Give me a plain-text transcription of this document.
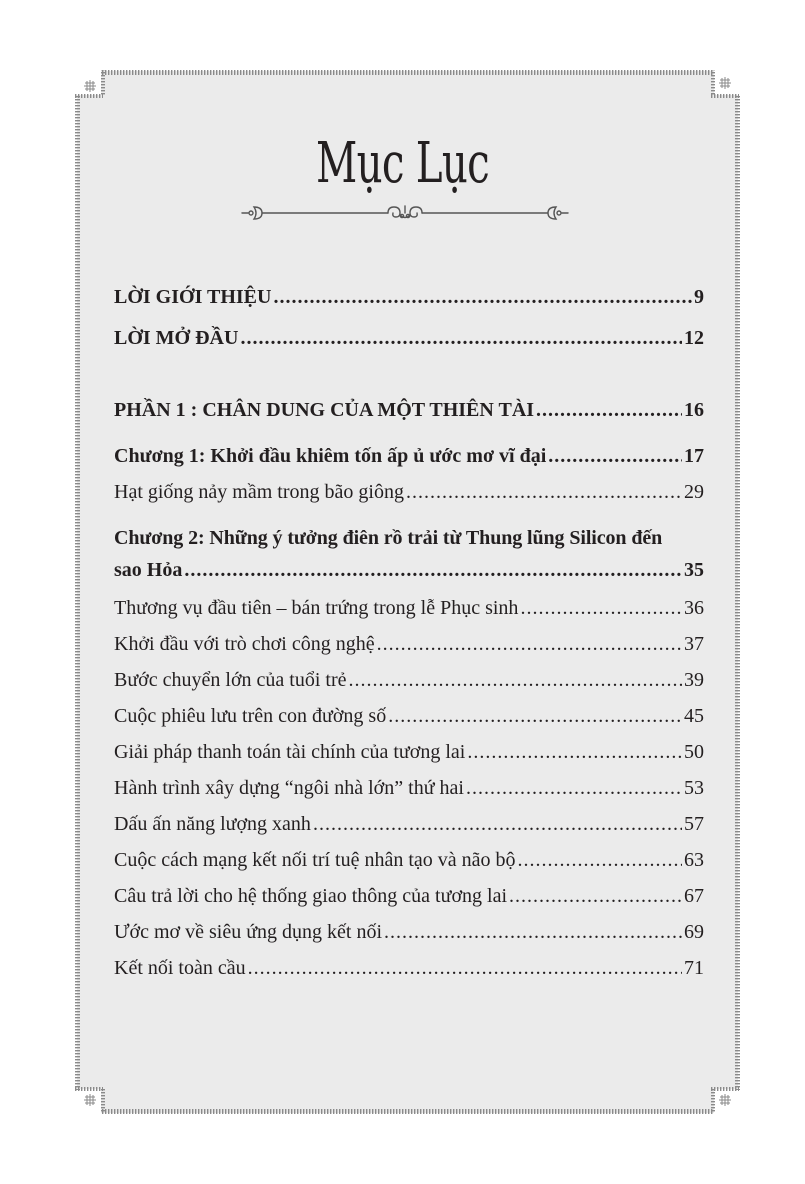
Mục Lục
LỜI GIỚI THIỆU .....	9
LỜI MỞ ĐẦU .....	12
PHẦN 1 : CHÂN DUNG CỦA MỘT THIÊN TÀI .....	16
Chương 1: Khởi đầu khiêm tốn ấp ủ ước mơ vĩ đại .....	17
Hạt giống nảy mầm trong bão giông .....	29
Chương 2: Những ý tưởng điên rồ trải từ Thung lũng Silicon đến
sao Hỏa .....	35
Thương vụ đầu tiên – bán trứng trong lễ Phục sinh .....	36
Khởi đầu với trò chơi công nghệ .....	37
Bước chuyển lớn của tuổi trẻ .....	39
Cuộc phiêu lưu trên con đường số .....	45
Giải pháp thanh toán tài chính của tương lai .....	50
Hành trình xây dựng “ngôi nhà lớn” thứ hai .....	53
Dấu ấn năng lượng xanh .....	57
Cuộc cách mạng kết nối trí tuệ nhân tạo và não bộ .....	63
Câu trả lời cho hệ thống giao thông của tương lai .....	67
Ước mơ về siêu ứng dụng kết nối .....	69
Kết nối toàn cầu .....	71
